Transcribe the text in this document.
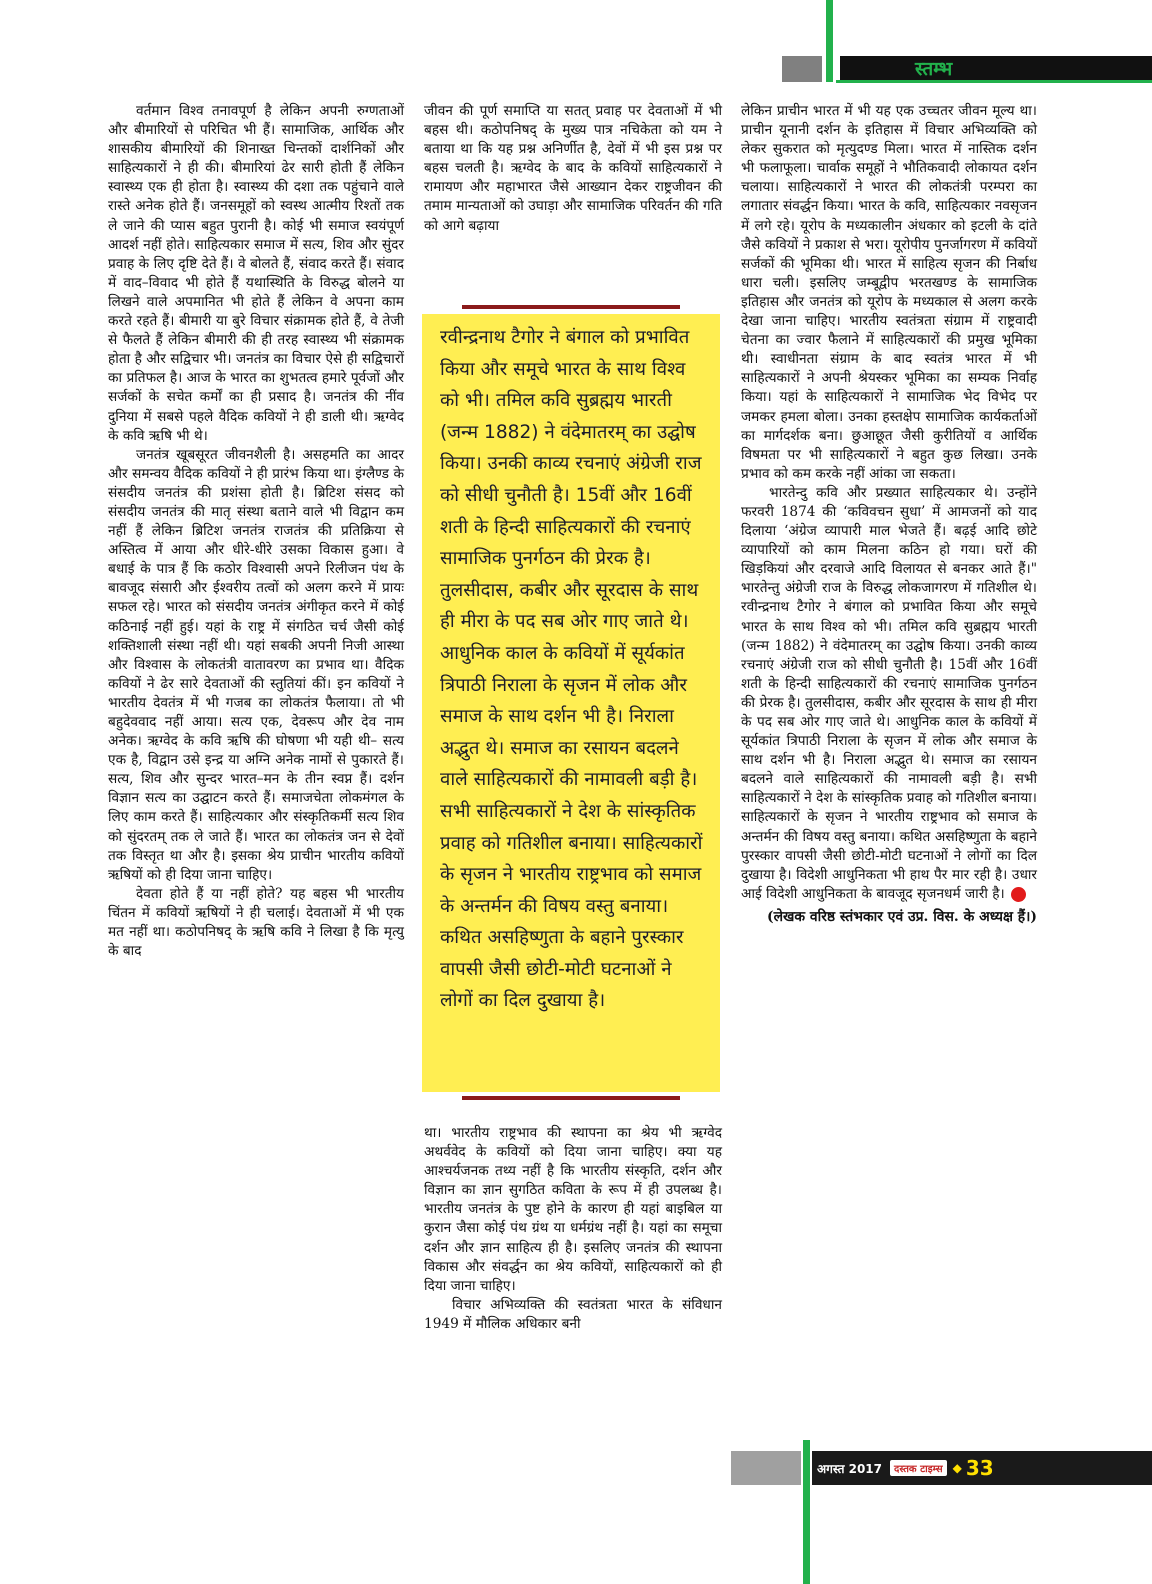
स्तम्भ

वर्तमान विश्व तनावपूर्ण है लेकिन अपनी रुग्णताओं और बीमारियों से परिचित भी हैं। सामाजिक, आर्थिक और शासकीय बीमारियों की शिनाख्त चिन्तकों दार्शनिकों और साहित्यकारों ने ही की। बीमारियां ढेर सारी होती हैं लेकिन स्वास्थ्य एक ही होता है। स्वास्थ्य की दशा तक पहुंचाने वाले रास्ते अनेक होते हैं। जनसमूहों को स्वस्थ आत्मीय रिश्तों तक ले जाने की प्यास बहुत पुरानी है। कोई भी समाज स्वयंपूर्ण आदर्श नहीं होते। साहित्यकार समाज में सत्य, शिव और सुंदर प्रवाह के लिए दृष्टि देते हैं। वे बोलते हैं, संवाद करते हैं। संवाद में वाद–विवाद भी होते हैं यथास्थिति के विरुद्ध बोलने या लिखने वाले अपमानित भी होते हैं लेकिन वे अपना काम करते रहते हैं। बीमारी या बुरे विचार संक्रामक होते हैं, वे तेजी से फैलते हैं लेकिन बीमारी की ही तरह स्वास्थ्य भी संक्रामक होता है और सद्विचार भी। जनतंत्र का विचार ऐसे ही सद्विचारों का प्रतिफल है। आज के भारत का शुभतत्व हमारे पूर्वजों और सर्जकों के सचेत कर्मों का ही प्रसाद है। जनतंत्र की नींव दुनिया में सबसे पहले वैदिक कवियों ने ही डाली थी। ऋग्वेद के कवि ऋषि भी थे।

जनतंत्र खूबसूरत जीवनशैली है। असहमति का आदर और समन्वय वैदिक कवियों ने ही प्रारंभ किया था। इंग्लैण्ड के संसदीय जनतंत्र की प्रशंसा होती है। ब्रिटिश संसद को संसदीय जनतंत्र की मातृ संस्था बताने वाले भी विद्वान कम नहीं हैं लेकिन ब्रिटिश जनतंत्र राजतंत्र की प्रतिक्रिया से अस्तित्व में आया और धीरे-धीरे उसका विकास हुआ। वे बधाई के पात्र हैं कि कठोर विश्वासी अपने रिलीजन पंथ के बावजूद संसारी और ईश्वरीय तत्वों को अलग करने में प्रायः सफल रहे। भारत को संसदीय जनतंत्र अंगीकृत करने में कोई कठिनाई नहीं हुई। यहां के राष्ट्र में संगठित चर्च जैसी कोई शक्तिशाली संस्था नहीं थी। यहां सबकी अपनी निजी आस्था और विश्वास के लोकतंत्री वातावरण का प्रभाव था। वैदिक कवियों ने ढेर सारे देवताओं की स्तुतियां कीं। इन कवियों ने भारतीय देवतंत्र में भी गजब का लोकतंत्र फैलाया। तो भी बहुदेववाद नहीं आया। सत्य एक, देवरूप और देव नाम अनेक। ऋग्वेद के कवि ऋषि की घोषणा भी यही थी– सत्य एक है, विद्वान उसे इन्द्र या अग्नि अनेक नामों से पुकारते हैं। सत्य, शिव और सुन्दर भारत–मन के तीन स्वप्न हैं। दर्शन विज्ञान सत्य का उद्घाटन करते हैं। समाजचेता लोकमंगल के लिए काम करते हैं। साहित्यकार और संस्कृतिकर्मी सत्य शिव को सुंदरतम् तक ले जाते हैं। भारत का लोकतंत्र जन से देवों तक विस्तृत था और है। इसका श्रेय प्राचीन भारतीय कवियों ऋषियों को ही दिया जाना चाहिए।

देवता होते हैं या नहीं होते? यह बहस भी भारतीय चिंतन में कवियों ऋषियों ने ही चलाई। देवताओं में भी एक मत नहीं था। कठोपनिषद् के ऋषि कवि ने लिखा है कि मृत्यु के बाद

जीवन की पूर्ण समाप्ति या सतत् प्रवाह पर देवताओं में भी बहस थी। कठोपनिषद् के मुख्य पात्र नचिकेता को यम ने बताया था कि यह प्रश्न अनिर्णीत है, देवों में भी इस प्रश्न पर बहस चलती है। ऋग्वेद के बाद के कवियों साहित्यकारों ने रामायण और महाभारत जैसे आख्यान देकर राष्ट्रजीवन की तमाम मान्यताओं को उघाड़ा और सामाजिक परिवर्तन की गति को आगे बढ़ाया

रवीन्द्रनाथ टैगोर ने बंगाल को प्रभावित किया और समूचे भारत के साथ विश्व को भी। तमिल कवि सुब्रह्मय भारती (जन्म 1882) ने वंदेमातरम् का उद्घोष किया। उनकी काव्य रचनाएं अंग्रेजी राज को सीधी चुनौती है। 15वीं और 16वीं शती के हिन्दी साहित्यकारों की रचनाएं सामाजिक पुनर्गठन की प्रेरक है। तुलसीदास, कबीर और सूरदास के साथ ही मीरा के पद सब ओर गाए जाते थे। आधुनिक काल के कवियों में सूर्यकांत त्रिपाठी निराला के सृजन में लोक और समाज के साथ दर्शन भी है। निराला अद्भुत थे। समाज का रसायन बदलने वाले साहित्यकारों की नामावली बड़ी है। सभी साहित्यकारों ने देश के सांस्कृतिक प्रवाह को गतिशील बनाया। साहित्यकारों के सृजन ने भारतीय राष्ट्रभाव को समाज के अन्तर्मन की विषय वस्तु बनाया। कथित असहिष्णुता के बहाने पुरस्कार वापसी जैसी छोटी-मोटी घटनाओं ने लोगों का दिल दुखाया है।

था। भारतीय राष्ट्रभाव की स्थापना का श्रेय भी ऋग्वेद अथर्ववेद के कवियों को दिया जाना चाहिए। क्या यह आश्चर्यजनक तथ्य नहीं है कि भारतीय संस्कृति, दर्शन और विज्ञान का ज्ञान सुगठित कविता के रूप में ही उपलब्ध है। भारतीय जनतंत्र के पुष्ट होने के कारण ही यहां बाइबिल या कुरान जैसा कोई पंथ ग्रंथ या धर्मग्रंथ नहीं है। यहां का समूचा दर्शन और ज्ञान साहित्य ही है। इसलिए जनतंत्र की स्थापना विकास और संवर्द्धन का श्रेय कवियों, साहित्यकारों को ही दिया जाना चाहिए।

विचार अभिव्यक्ति की स्वतंत्रता भारत के संविधान 1949 में मौलिक अधिकार बनी

लेकिन प्राचीन भारत में भी यह एक उच्चतर जीवन मूल्य था। प्राचीन यूनानी दर्शन के इतिहास में विचार अभिव्यक्ति को लेकर सुकरात को मृत्युदण्ड मिला। भारत में नास्तिक दर्शन भी फलाफूला। चार्वाक समूहों ने भौतिकवादी लोकायत दर्शन चलाया। साहित्यकारों ने भारत की लोकतंत्री परम्परा का लगातार संवर्द्धन किया। भारत के कवि, साहित्यकार नवसृजन में लगे रहे। यूरोप के मध्यकालीन अंधकार को इटली के दांते जैसे कवियों ने प्रकाश से भरा। यूरोपीय पुनर्जागरण में कवियों सर्जकों की भूमिका थी। भारत में साहित्य सृजन की निर्बाध धारा चली। इसलिए जम्बूद्वीप भरतखण्ड के सामाजिक इतिहास और जनतंत्र को यूरोप के मध्यकाल से अलग करके देखा जाना चाहिए। भारतीय स्वतंत्रता संग्राम में राष्ट्रवादी चेतना का ज्वार फैलाने में साहित्यकारों की प्रमुख भूमिका थी। स्वाधीनता संग्राम के बाद स्वतंत्र भारत में भी साहित्यकारों ने अपनी श्रेयस्कर भूमिका का सम्यक निर्वाह किया। यहां के साहित्यकारों ने सामाजिक भेद विभेद पर जमकर हमला बोला। उनका हस्तक्षेप सामाजिक कार्यकर्ताओं का मार्गदर्शक बना। छुआछूत जैसी कुरीतियों व आर्थिक विषमता पर भी साहित्यकारों ने बहुत कुछ लिखा। उनके प्रभाव को कम करके नहीं आंका जा सकता।

भारतेन्दु कवि और प्रख्यात साहित्यकार थे। उन्होंने फरवरी 1874 की ‘कविवचन सुधा’ में आमजनों को याद दिलाया ‘अंग्रेज व्यापारी माल भेजते हैं। बढ़ई आदि छोटे व्यापारियों को काम मिलना कठिन हो गया। घरों की खिड़कियां और दरवाजे आदि विलायत से बनकर आते हैं।" भारतेन्तु अंग्रेजी राज के विरुद्ध लोकजागरण में गतिशील थे। रवीन्द्रनाथ टैगोर ने बंगाल को प्रभावित किया और समूचे भारत के साथ विश्व को भी। तमिल कवि सुब्रह्मय भारती (जन्म 1882) ने वंदेमातरम् का उद्घोष किया। उनकी काव्य रचनाएं अंग्रेजी राज को सीधी चुनौती है। 15वीं और 16वीं शती के हिन्दी साहित्यकारों की रचनाएं सामाजिक पुनर्गठन की प्रेरक है। तुलसीदास, कबीर और सूरदास के साथ ही मीरा के पद सब ओर गाए जाते थे। आधुनिक काल के कवियों में सूर्यकांत त्रिपाठी निराला के सृजन में लोक और समाज के साथ दर्शन भी है। निराला अद्भुत थे। समाज का रसायन बदलने वाले साहित्यकारों की नामावली बड़ी है। सभी साहित्यकारों ने देश के सांस्कृतिक प्रवाह को गतिशील बनाया। साहित्यकारों के सृजन ने भारतीय राष्ट्रभाव को समाज के अन्तर्मन की विषय वस्तु बनाया। कथित असहिष्णुता के बहाने पुरस्कार वापसी जैसी छोटी-मोटी घटनाओं ने लोगों का दिल दुखाया है। विदेशी आधुनिकता भी हाथ पैर मार रही है। उधार आई विदेशी आधुनिकता के बावजूद सृजनधर्म जारी है।

(लेखक वरिष्ठ स्तंभकार एवं उप्र. विस. के अध्यक्ष हैं।)
अगस्त 2017	दस्तक टाइम्स ◆ 33
